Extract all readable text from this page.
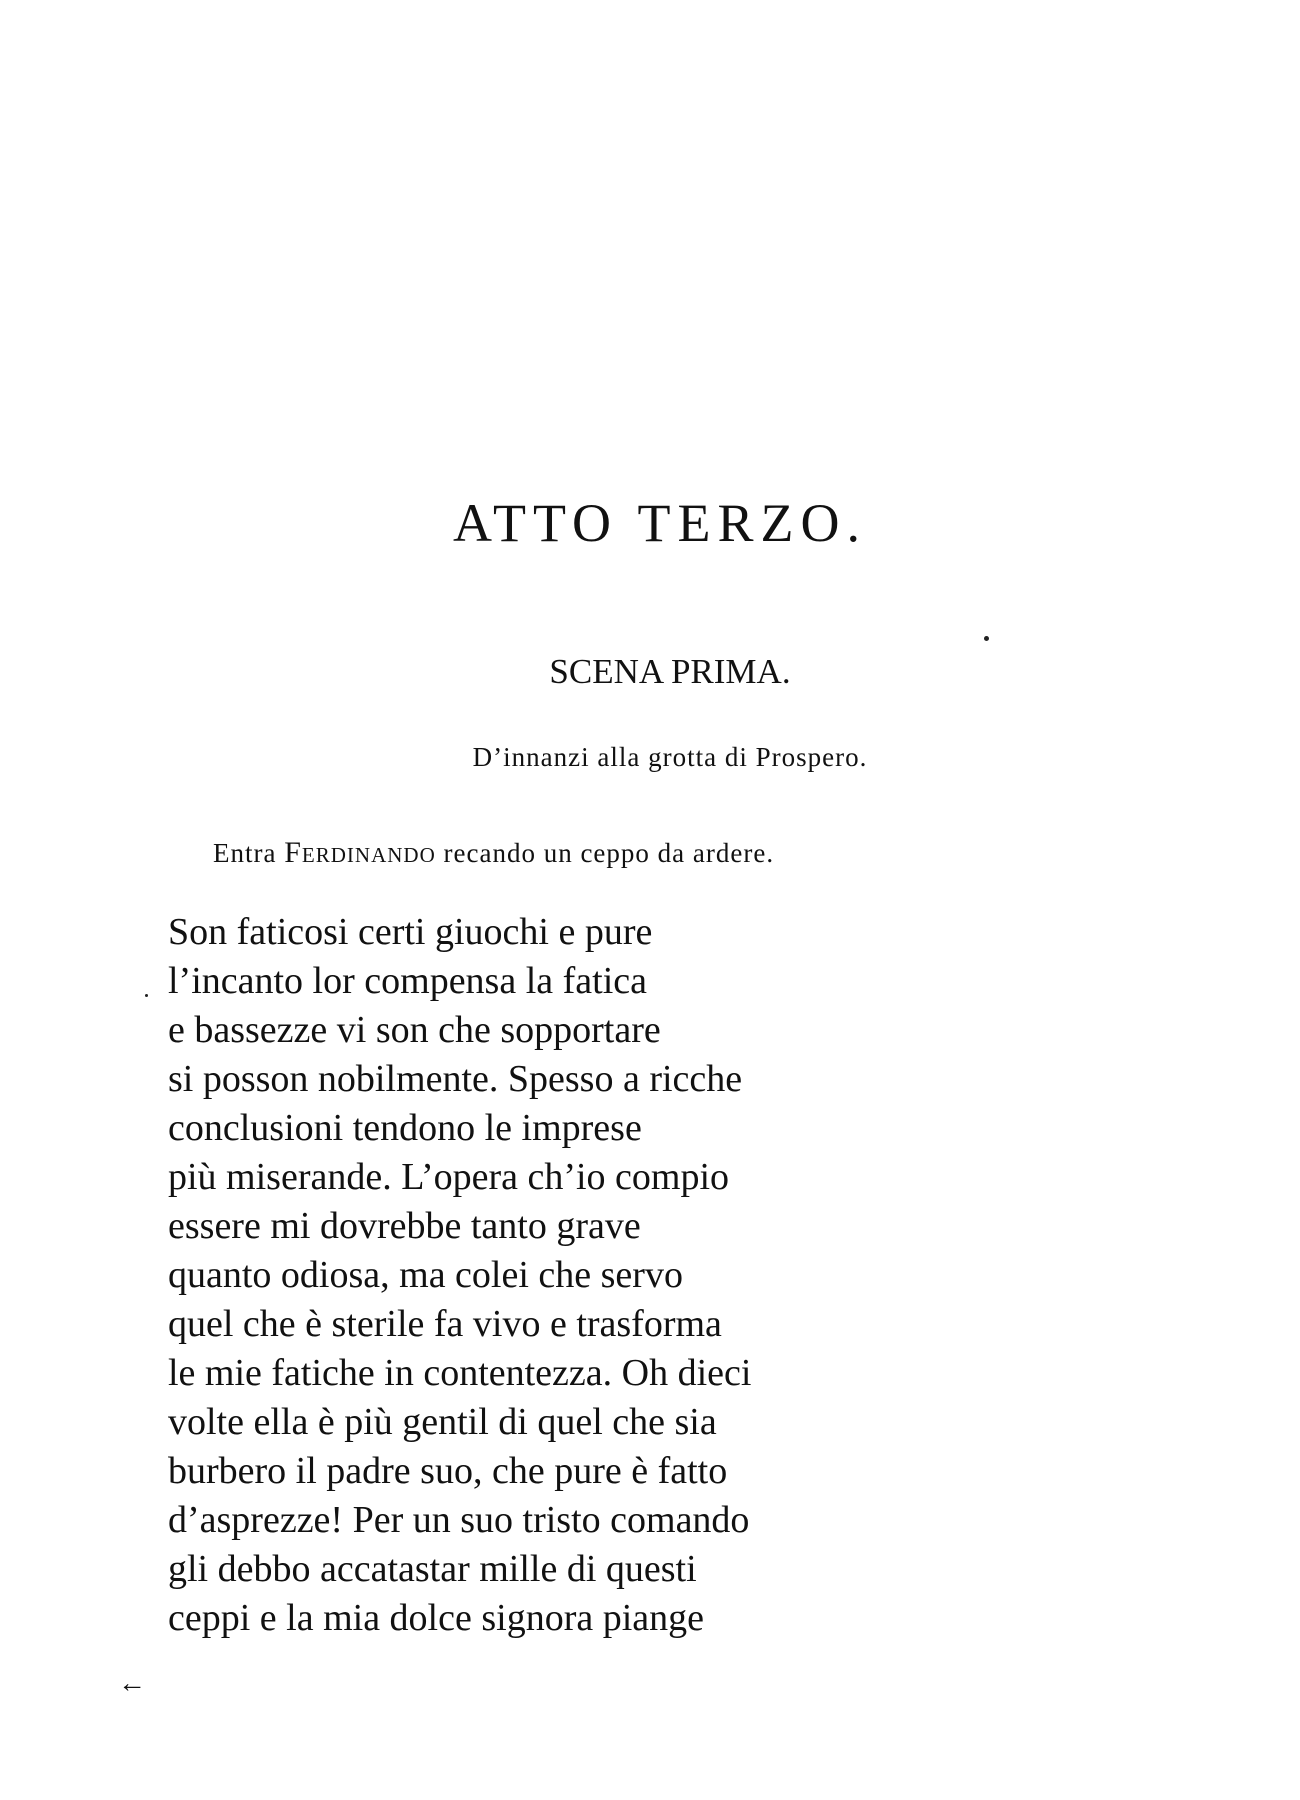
ATTO TERZO.
SCENA PRIMA.

D’innanzi alla grotta di Prospero.

Entra Ferdinando recando un ceppo da ardere.

Son faticosi certi giuochi e pure
l’incanto lor compensa la fatica
e bassezze vi son che sopportare
si posson nobilmente. Spesso a ricche
conclusioni tendono le imprese
più miserande. L’opera ch’io compio
essere mi dovrebbe tanto grave
quanto odiosa, ma colei che servo
quel che è sterile fa vivo e trasforma
le mie fatiche in contentezza. Oh dieci
volte ella è più gentil di quel che sia
burbero il padre suo, che pure è fatto
d’asprezze! Per un suo tristo comando
gli debbo accatastar mille di questi
ceppi e la mia dolce signora piange
←
